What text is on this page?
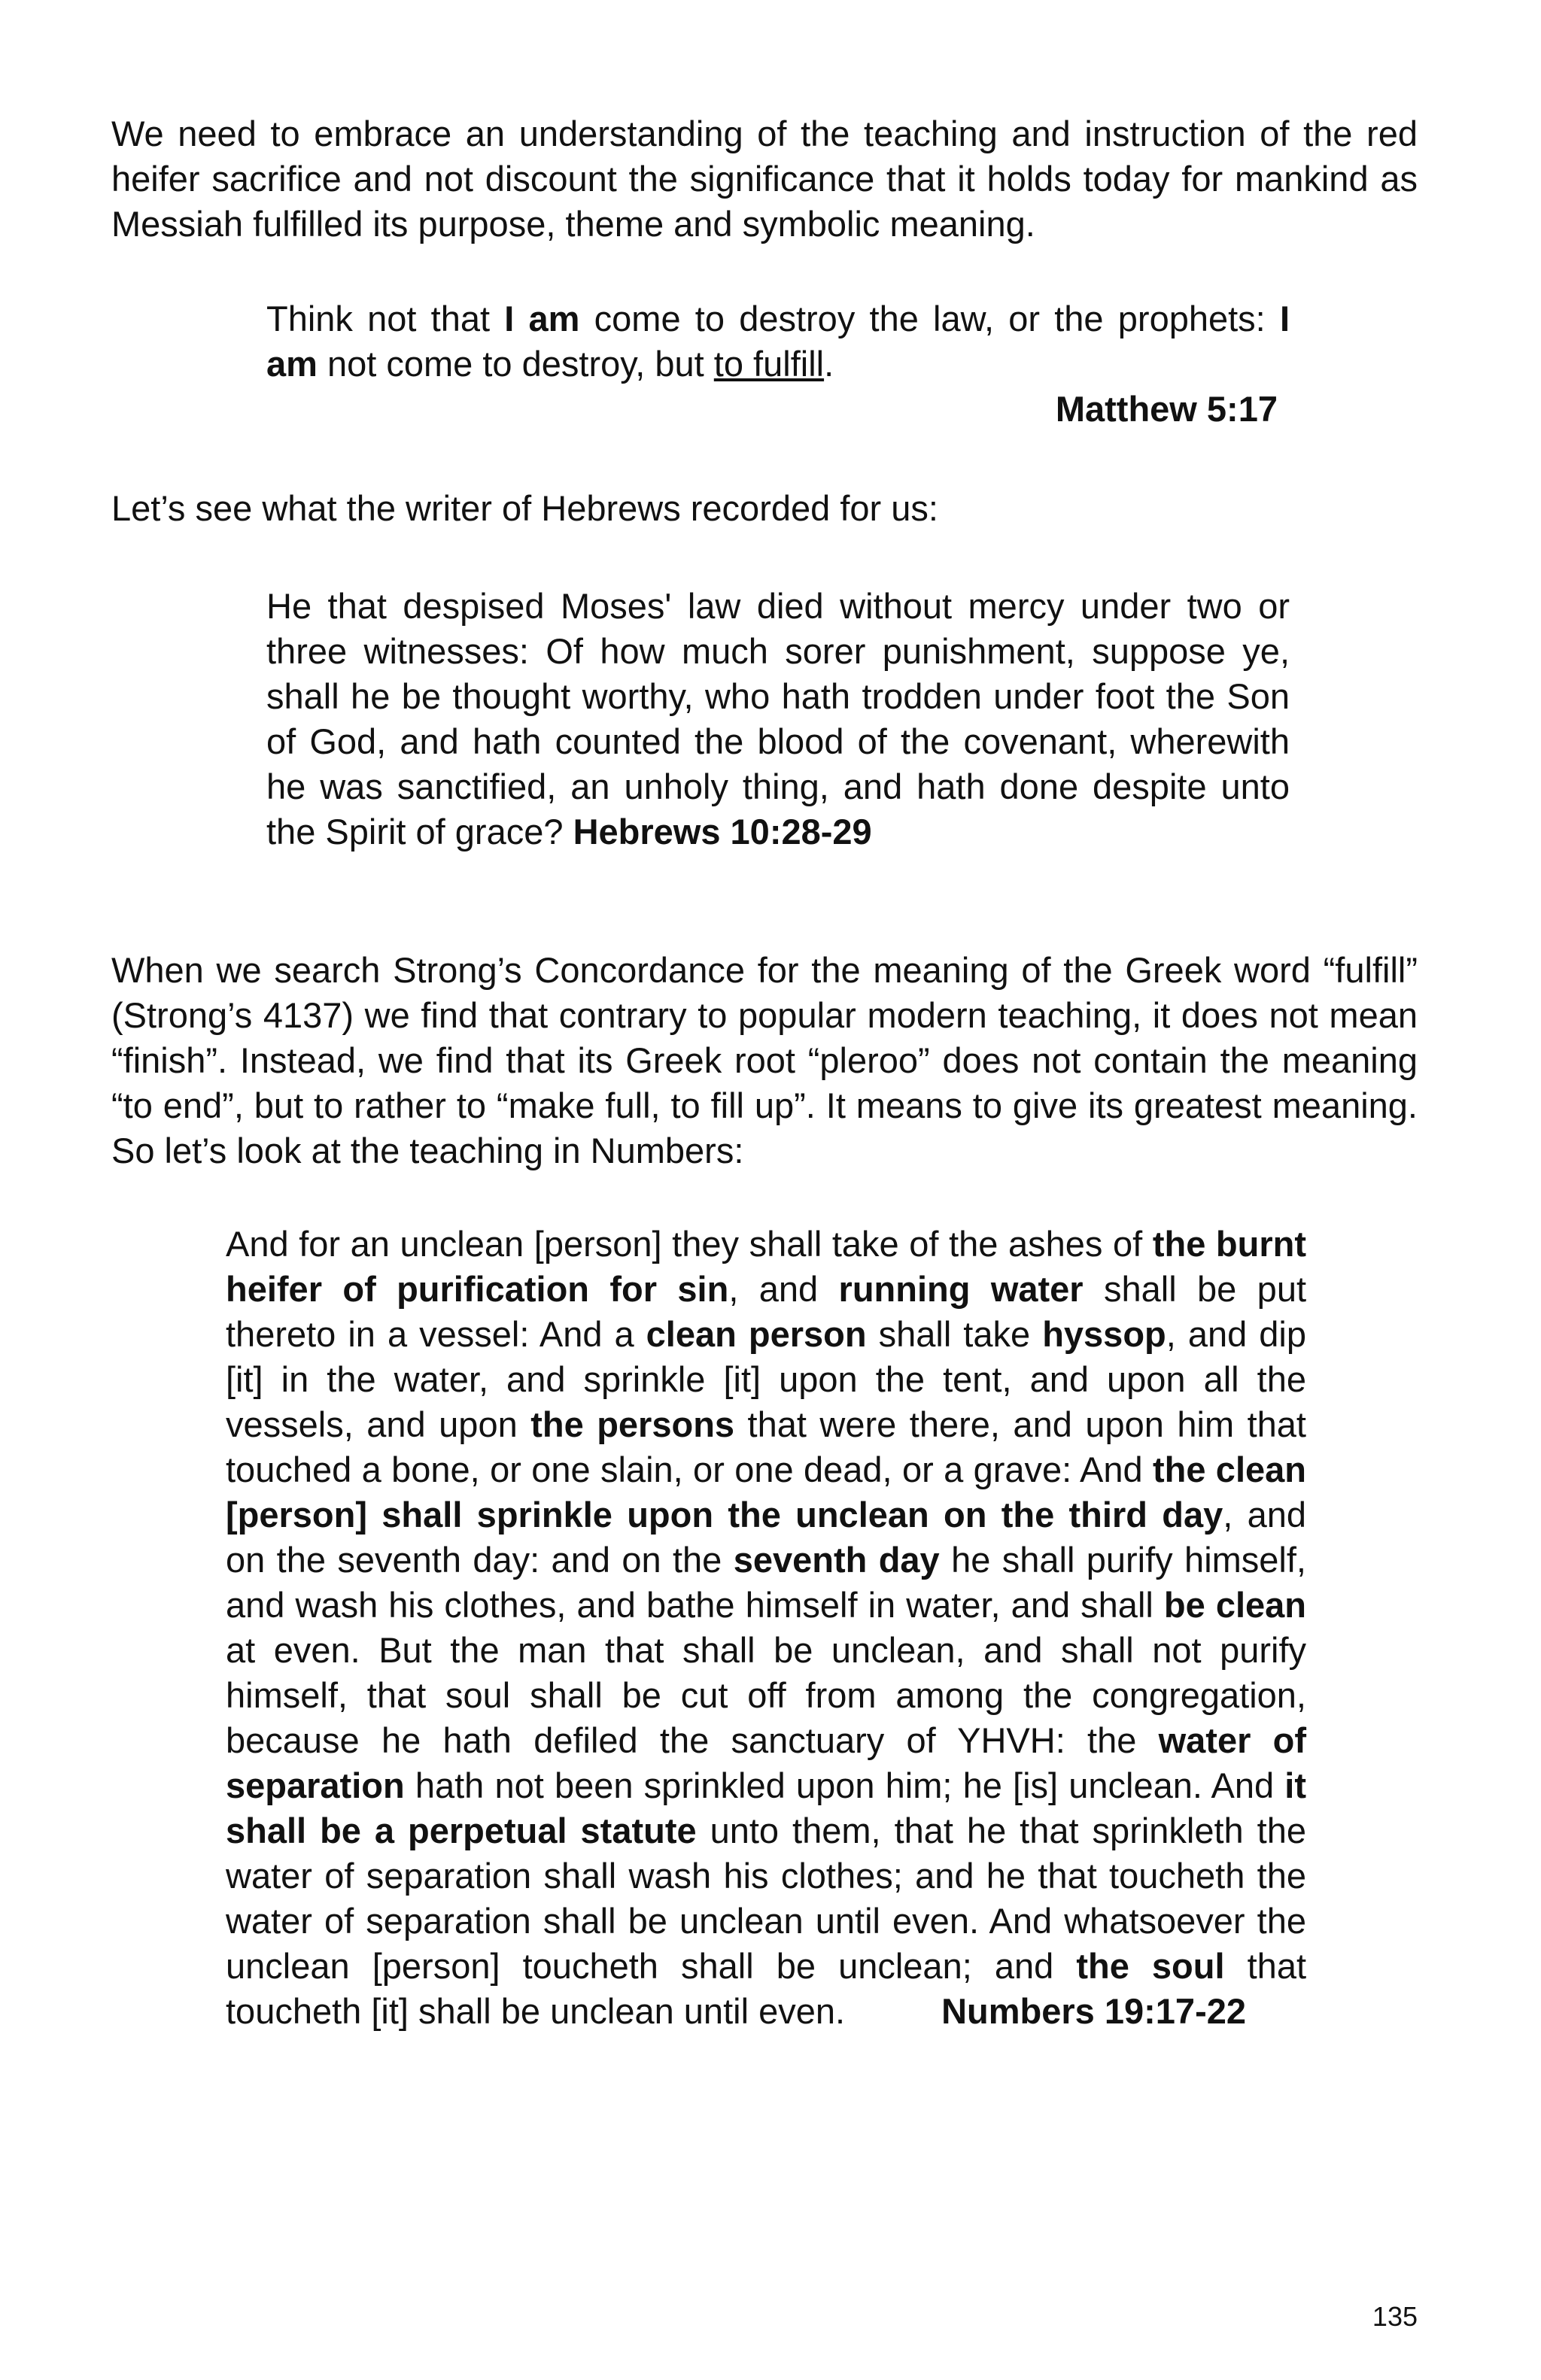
We need to embrace an understanding of the teaching and instruction of the red heifer sacrifice and not discount the significance that it holds today for mankind as Messiah fulfilled its purpose, theme and symbolic meaning.

Think not that I am come to destroy the law, or the prophets: I am not come to destroy, but to fulfill.

Matthew 5:17

Let’s see what the writer of Hebrews recorded for us:

He that despised Moses' law died without mercy under two or three witnesses: Of how much sorer punishment, suppose ye, shall he be thought worthy, who hath trodden under foot the Son of God, and hath counted the blood of the covenant, wherewith he was sanctified, an unholy thing, and hath done despite unto the Spirit of grace? Hebrews 10:28-29

When we search Strong’s Concordance for the meaning of the Greek word “fulfill” (Strong’s 4137) we find that contrary to popular modern teaching, it does not mean “finish”. Instead, we find that its Greek root “pleroo” does not contain the meaning “to end”, but to rather to “make full, to fill up”. It means to give its greatest meaning. So let’s look at the teaching in Numbers:

And for an unclean [person] they shall take of the ashes of the burnt heifer of purification for sin, and running water shall be put thereto in a vessel: And a clean person shall take hyssop, and dip [it] in the water, and sprinkle [it] upon the tent, and upon all the vessels, and upon the persons that were there, and upon him that touched a bone, or one slain, or one dead, or a grave: And the clean [person] shall sprinkle upon the unclean on the third day, and on the seventh day: and on the seventh day he shall purify himself, and wash his clothes, and bathe himself in water, and shall be clean at even. But the man that shall be unclean, and shall not purify himself, that soul shall be cut off from among the congregation, because he hath defiled the sanctuary of YHVH: the water of separation hath not been sprinkled upon him; he [is] unclean. And it shall be a perpetual statute unto them, that he that sprinkleth the water of separation shall wash his clothes; and he that toucheth the water of separation shall be unclean until even. And whatsoever the unclean [person] toucheth shall be unclean; and the soul that toucheth [it] shall be unclean until even.	Numbers 19:17-22

135
